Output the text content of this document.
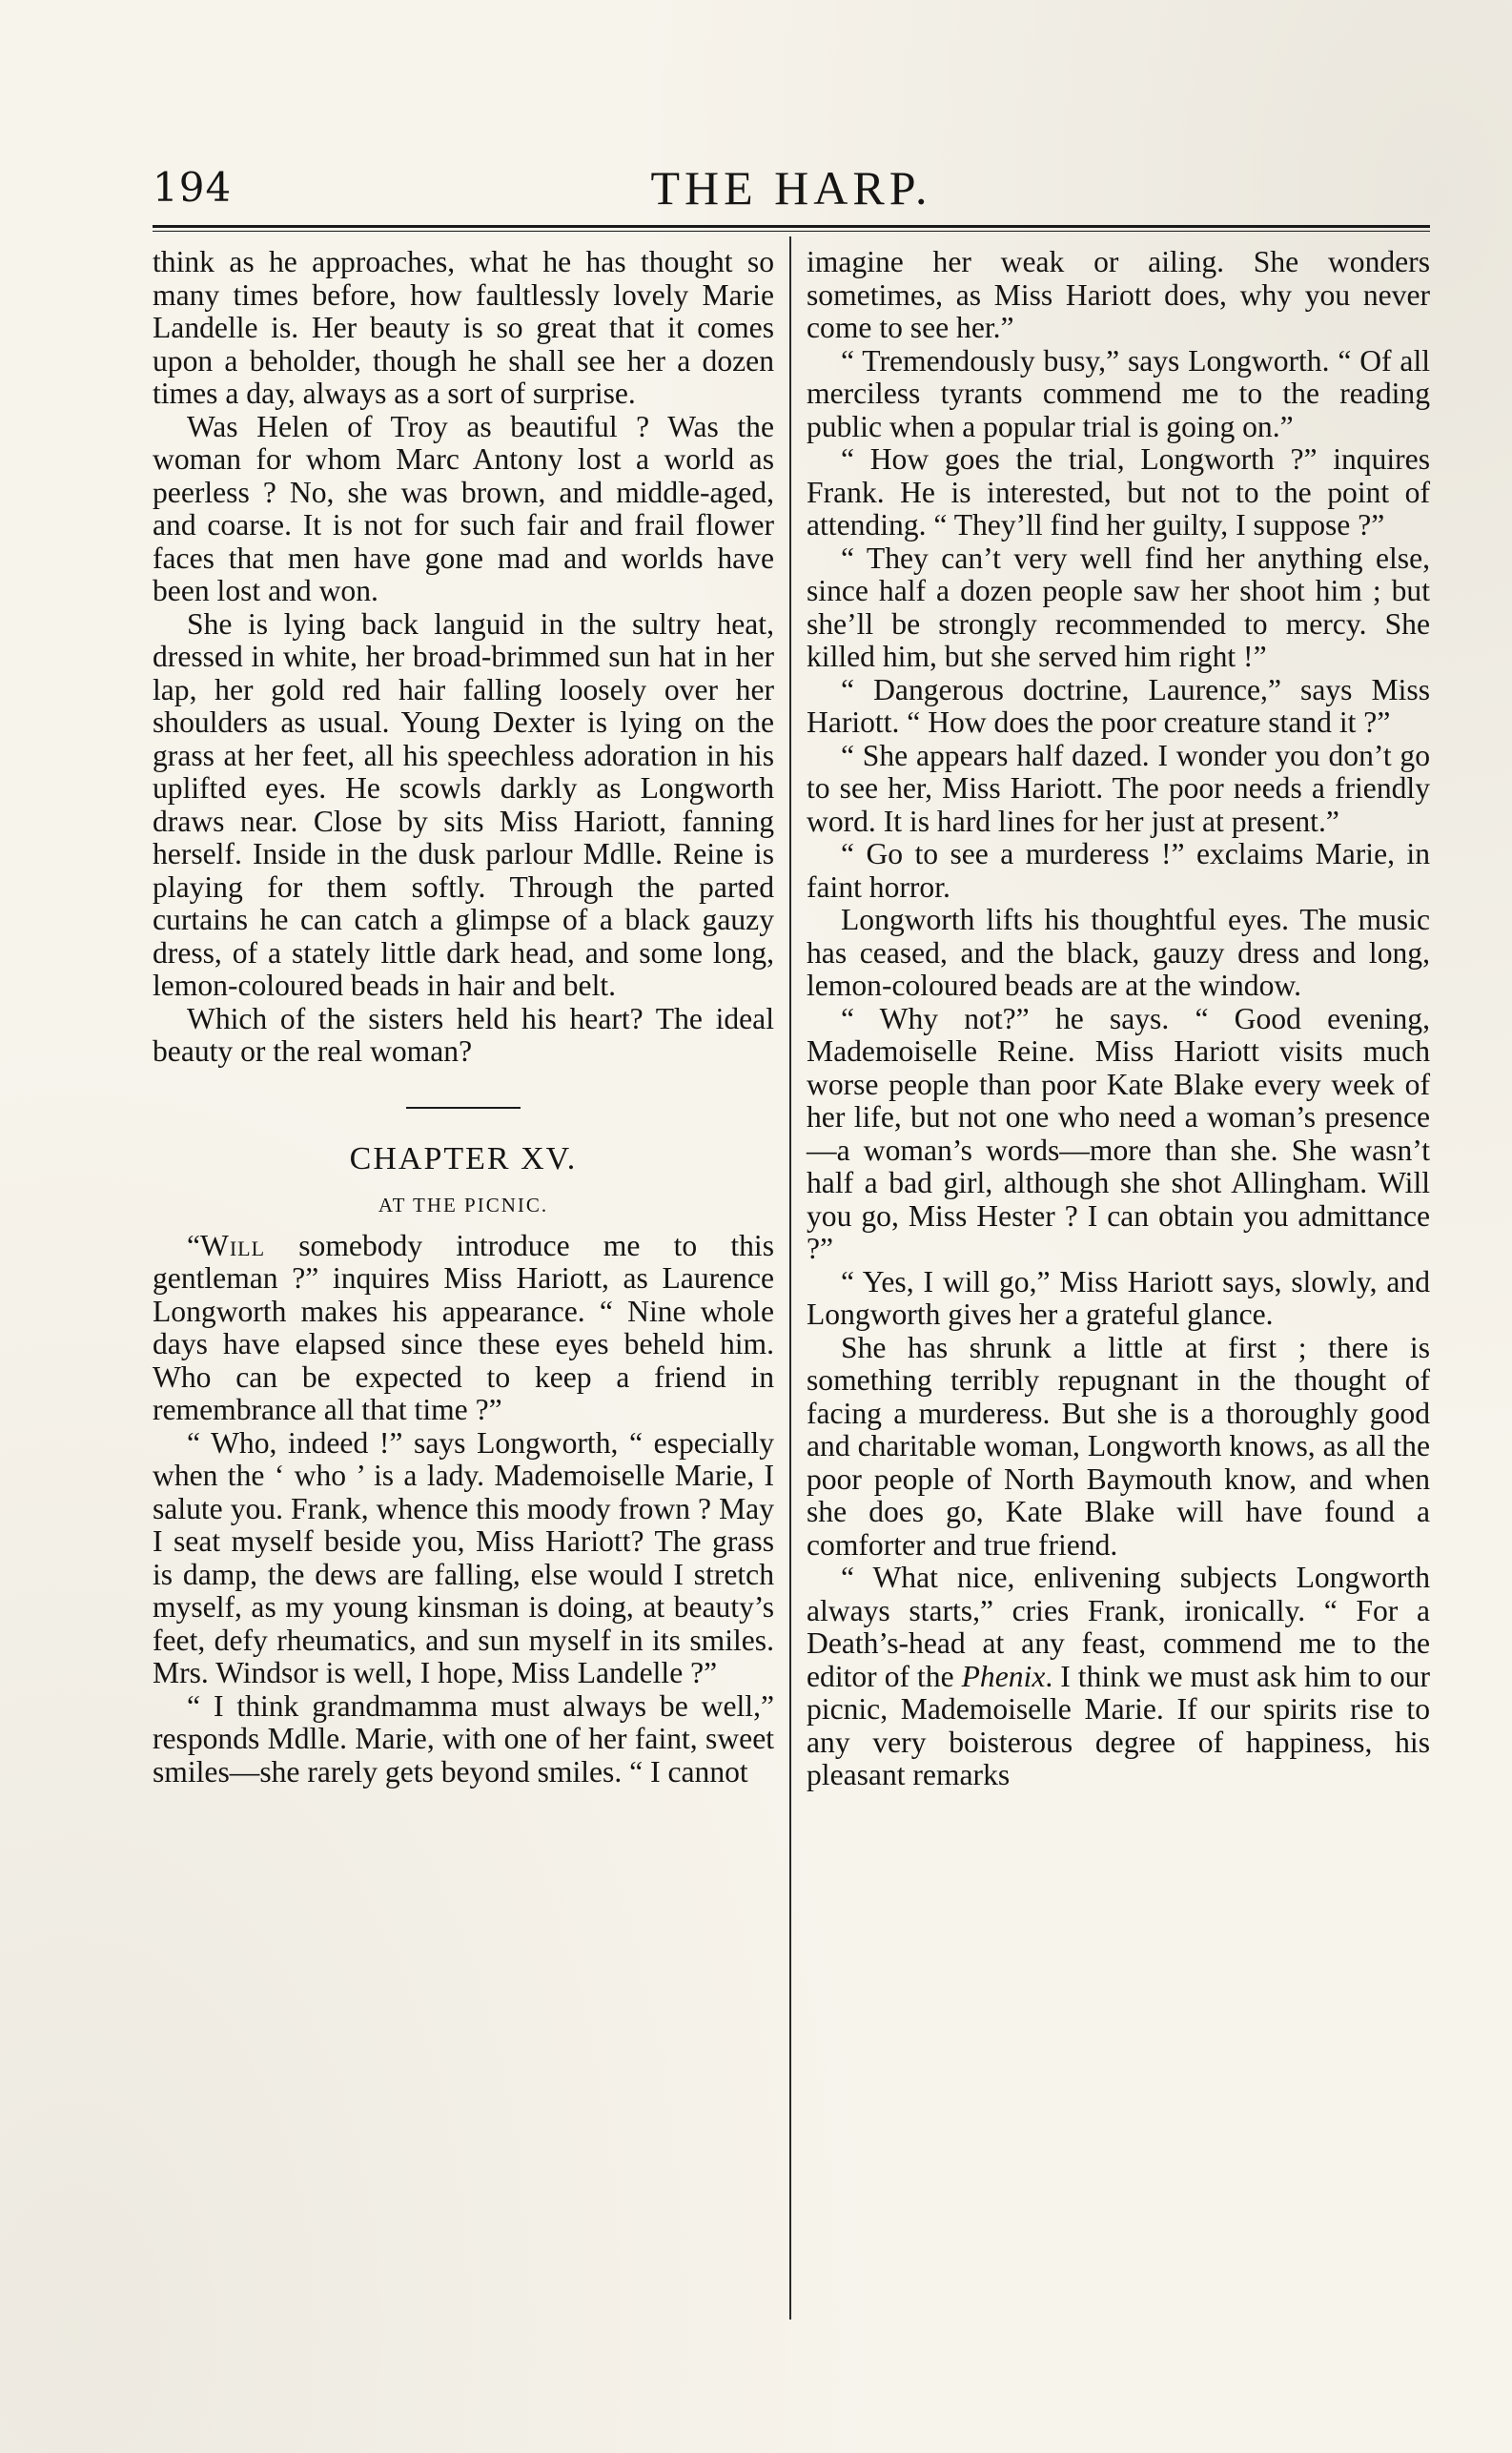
194	THE HARP.

think as he approaches, what he has thought so many times before, how faultlessly lovely Marie Landelle is. Her beauty is so great that it comes upon a beholder, though he shall see her a dozen times a day, always as a sort of surprise.

Was Helen of Troy as beautiful ? Was the woman for whom Marc Antony lost a world as peerless ? No, she was brown, and middle-aged, and coarse. It is not for such fair and frail flower faces that men have gone mad and worlds have been lost and won.

She is lying back languid in the sultry heat, dressed in white, her broad-brimmed sun hat in her lap, her gold red hair falling loosely over her shoulders as usual. Young Dexter is lying on the grass at her feet, all his speechless adoration in his uplifted eyes. He scowls darkly as Longworth draws near. Close by sits Miss Hariott, fanning herself. Inside in the dusk parlour Mdlle. Reine is playing for them softly. Through the parted curtains he can catch a glimpse of a black gauzy dress, of a stately little dark head, and some long, lemon-coloured beads in hair and belt.

Which of the sisters held his heart? The ideal beauty or the real woman?

CHAPTER XV.
AT THE PICNIC.

“Will somebody introduce me to this gentleman ?” inquires Miss Hariott, as Laurence Longworth makes his appearance. “ Nine whole days have elapsed since these eyes beheld him. Who can be expected to keep a friend in remembrance all that time ?”

“ Who, indeed !” says Longworth, “ especially when the ‘ who ’ is a lady. Mademoiselle Marie, I salute you. Frank, whence this moody frown ? May I seat myself beside you, Miss Hariott? The grass is damp, the dews are falling, else would I stretch myself, as my young kinsman is doing, at beauty’s feet, defy rheumatics, and sun myself in its smiles. Mrs. Windsor is well, I hope, Miss Landelle ?”

“ I think grandmamma must always be well,” responds Mdlle. Marie, with one of her faint, sweet smiles—she rarely gets beyond smiles. “ I cannot

imagine her weak or ailing. She wonders sometimes, as Miss Hariott does, why you never come to see her.”

“ Tremendously busy,” says Longworth. “ Of all merciless tyrants commend me to the reading public when a popular trial is going on.”

“ How goes the trial, Longworth ?” inquires Frank. He is interested, but not to the point of attending. “ They’ll find her guilty, I suppose ?”

“ They can’t very well find her anything else, since half a dozen people saw her shoot him ; but she’ll be strongly recommended to mercy. She killed him, but she served him right !”

“ Dangerous doctrine, Laurence,” says Miss Hariott. “ How does the poor creature stand it ?”

“ She appears half dazed. I wonder you don’t go to see her, Miss Hariott. The poor needs a friendly word. It is hard lines for her just at present.”

“ Go to see a murderess !” exclaims Marie, in faint horror.

Longworth lifts his thoughtful eyes. The music has ceased, and the black, gauzy dress and long, lemon-coloured beads are at the window.

“ Why not?” he says. “ Good evening, Mademoiselle Reine. Miss Hariott visits much worse people than poor Kate Blake every week of her life, but not one who need a woman’s presence—a woman’s words—more than she. She wasn’t half a bad girl, although she shot Allingham. Will you go, Miss Hester ? I can obtain you admittance ?”

“ Yes, I will go,” Miss Hariott says, slowly, and Longworth gives her a grateful glance.

She has shrunk a little at first ; there is something terribly repugnant in the thought of facing a murderess. But she is a thoroughly good and charitable woman, Longworth knows, as all the poor people of North Baymouth know, and when she does go, Kate Blake will have found a comforter and true friend.

“ What nice, enlivening subjects Longworth always starts,” cries Frank, ironically. “ For a Death’s-head at any feast, commend me to the editor of the Phenix. I think we must ask him to our picnic, Mademoiselle Marie. If our spirits rise to any very boisterous degree of happiness, his pleasant remarks
